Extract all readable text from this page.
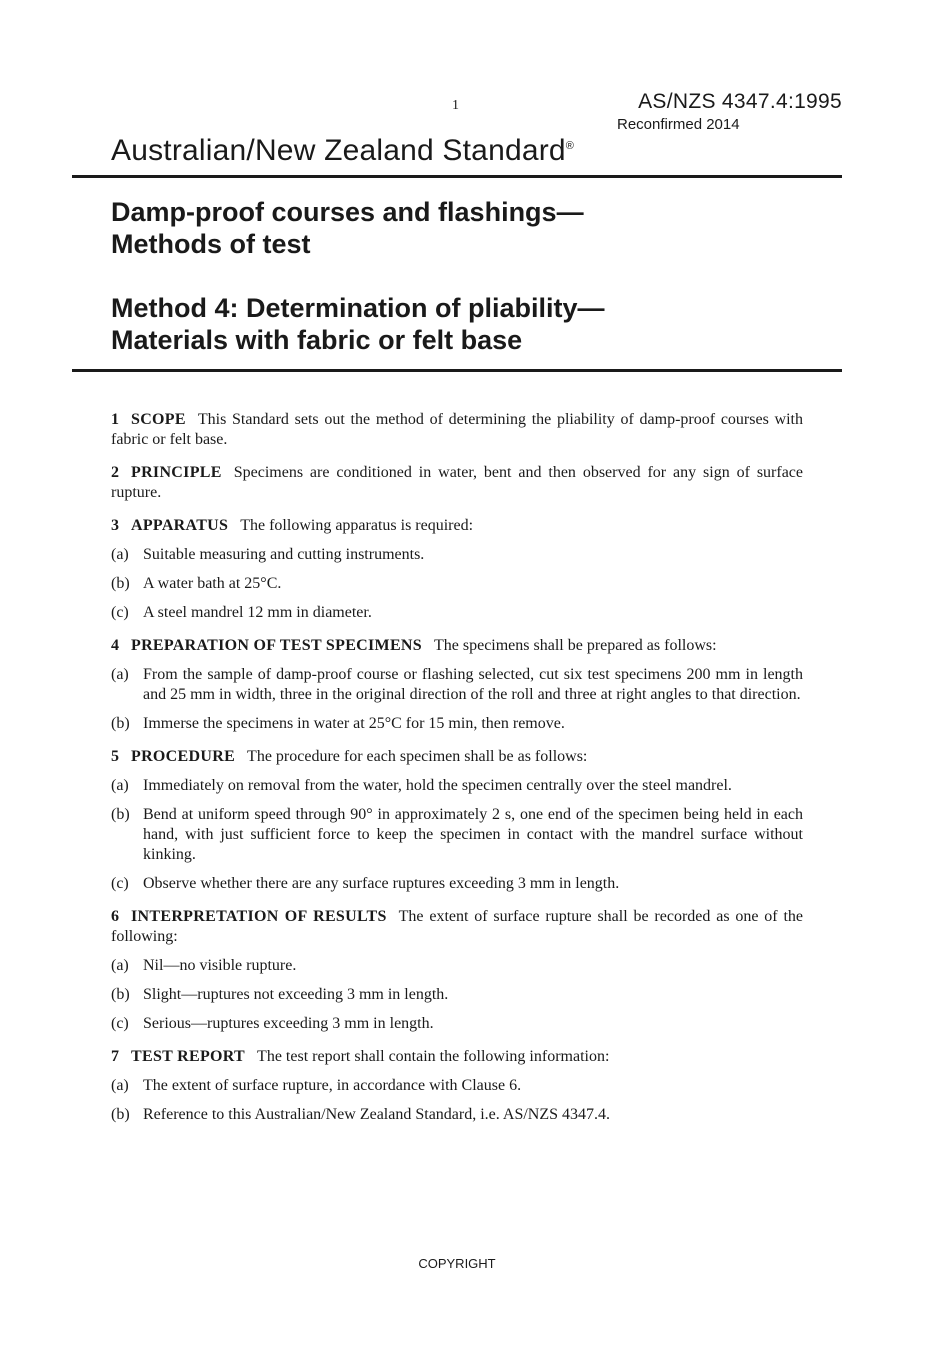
1	AS/NZS 4347.4:1995
Reconfirmed 2014
Australian/New Zealand Standard®
Damp-proof courses and flashings—
Methods of test
Method 4: Determination of pliability—
Materials with fabric or felt base

1 SCOPE This Standard sets out the method of determining the pliability of damp-proof courses with fabric or felt base.

2 PRINCIPLE Specimens are conditioned in water, bent and then observed for any sign of surface rupture.

3 APPARATUS The following apparatus is required:

(a) Suitable measuring and cutting instruments.
(b) A water bath at 25°C.
(c) A steel mandrel 12 mm in diameter.

4 PREPARATION OF TEST SPECIMENS The specimens shall be prepared as follows:

(a) From the sample of damp-proof course or flashing selected, cut six test specimens 200 mm in length and 25 mm in width, three in the original direction of the roll and three at right angles to that direction.
(b) Immerse the specimens in water at 25°C for 15 min, then remove.

5 PROCEDURE The procedure for each specimen shall be as follows:

(a) Immediately on removal from the water, hold the specimen centrally over the steel mandrel.
(b) Bend at uniform speed through 90° in approximately 2 s, one end of the specimen being held in each hand, with just sufficient force to keep the specimen in contact with the mandrel surface without kinking.
(c) Observe whether there are any surface ruptures exceeding 3 mm in length.

6 INTERPRETATION OF RESULTS The extent of surface rupture shall be recorded as one of the following:

(a) Nil—no visible rupture.
(b) Slight—ruptures not exceeding 3 mm in length.
(c) Serious—ruptures exceeding 3 mm in length.

7 TEST REPORT The test report shall contain the following information:

(a) The extent of surface rupture, in accordance with Clause 6.
(b) Reference to this Australian/New Zealand Standard, i.e. AS/NZS 4347.4.
COPYRIGHT
